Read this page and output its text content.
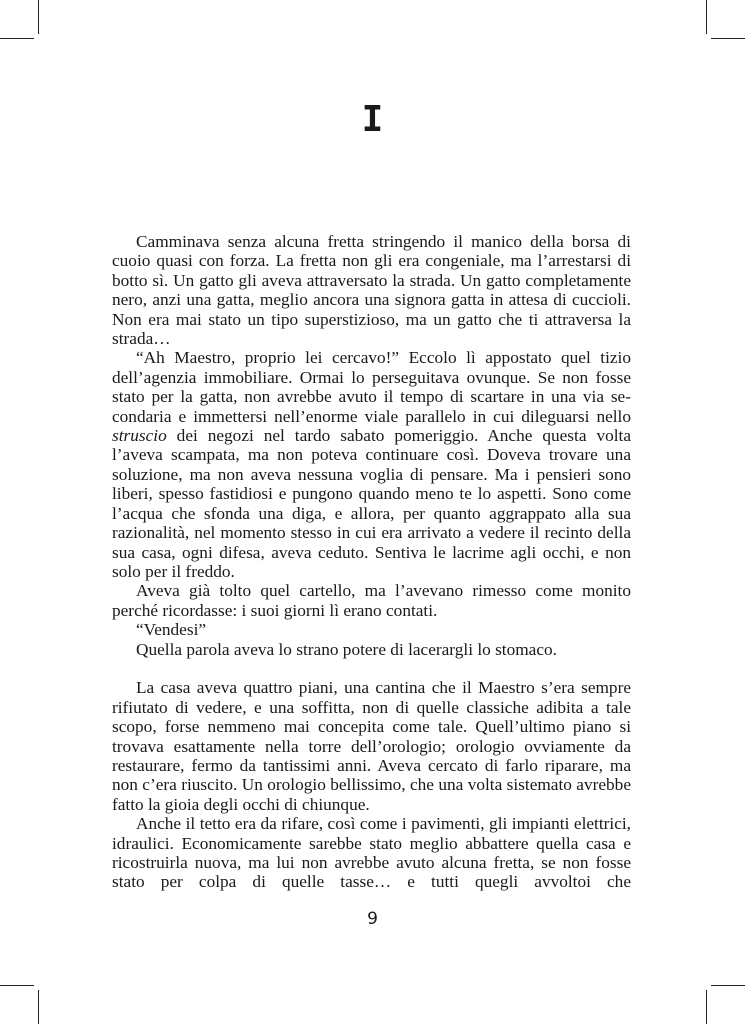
I

Camminava senza alcuna fretta stringendo il manico della borsa di cuoio quasi con forza. La fretta non gli era congeniale, ma l’arrestarsi di botto sì. Un gatto gli aveva attraversato la strada. Un gatto completamente nero, anzi una gatta, meglio ancora una signora gatta in attesa di cuccioli. Non era mai stato un tipo superstizioso, ma un gatto che ti attraversa la strada…

“Ah Maestro, proprio lei cercavo!” Eccolo lì appostato quel tizio dell’agenzia immobiliare. Ormai lo perseguitava ovunque. Se non fosse stato per la gatta, non avrebbe avuto il tempo di scartare in una via secondaria e immettersi nell’enorme viale parallelo in cui dileguarsi nello struscio dei negozi nel tardo sabato pomeriggio. Anche questa volta l’aveva scampata, ma non poteva continuare così. Doveva trovare una soluzione, ma non aveva nessuna voglia di pensare. Ma i pensieri sono liberi, spesso fastidiosi e pungono quando meno te lo aspetti. Sono come l’acqua che sfonda una diga, e allora, per quanto aggrappato alla sua razionalità, nel momento stesso in cui era arrivato a vedere il recinto della sua casa, ogni difesa, aveva ceduto. Sentiva le lacrime agli occhi, e non solo per il freddo.

Aveva già tolto quel cartello, ma l’avevano rimesso come monito perché ricordasse: i suoi giorni lì erano contati.

“Vendesi”

Quella parola aveva lo strano potere di lacerargli lo stomaco.

La casa aveva quattro piani, una cantina che il Maestro s’era sempre rifiutato di vedere, e una soffitta, non di quelle classiche adibita a tale scopo, forse nemmeno mai concepita come tale. Quell’ultimo piano si trovava esattamente nella torre dell’orologio; orologio ovviamente da restaurare, fermo da tantissimi anni. Aveva cercato di farlo riparare, ma non c’era riuscito. Un orologio bellissimo, che una volta sistemato avrebbe fatto la gioia degli occhi di chiunque.

Anche il tetto era da rifare, così come i pavimenti, gli impianti elettrici, idraulici. Economicamente sarebbe stato meglio abbattere quella casa e ricostruirla nuova, ma lui non avrebbe avuto alcuna fretta, se non fosse stato per colpa di quelle tasse… e tutti quegli avvoltoi che

9
